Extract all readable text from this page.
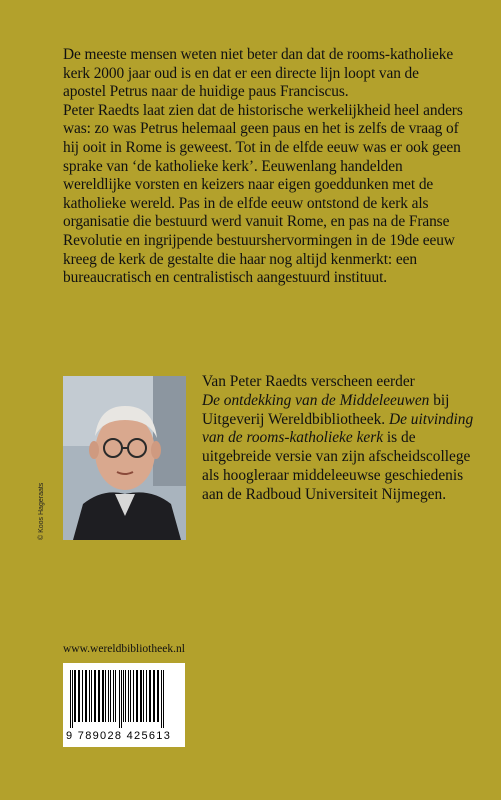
De meeste mensen weten niet beter dan dat de rooms-katholieke kerk 2000 jaar oud is en dat er een directe lijn loopt van de apostel Petrus naar de huidige paus Franciscus.

Peter Raedts laat zien dat de historische werkelijkheid heel anders was: zo was Petrus helemaal geen paus en het is zelfs de vraag of hij ooit in Rome is geweest. Tot in de elfde eeuw was er ook geen sprake van ‘de katholieke kerk’. Eeuwenlang handelden wereldlijke vorsten en keizers naar eigen goeddunken met de katholieke wereld. Pas in de elfde eeuw ontstond de kerk als organisatie die bestuurd werd vanuit Rome, en pas na de Franse Revolutie en ingrijpende bestuurshervormingen in de 19de eeuw kreeg de kerk de gestalte die haar nog altijd kenmerkt: een bureaucratisch en centralistisch aangestuurd instituut.

© Koos Hageraats
Van Peter Raedts verscheen eerder
De ontdekking van de Middeleeuwen bij Uitgeverij Wereldbibliotheek. De uitvinding van de rooms-katholieke kerk is de uitgebreide versie van zijn afscheidscollege als hoogleraar middeleeuwse geschiedenis aan de Radboud Universiteit Nijmegen.
www.wereldbibliotheek.nl
9 789028 425613
